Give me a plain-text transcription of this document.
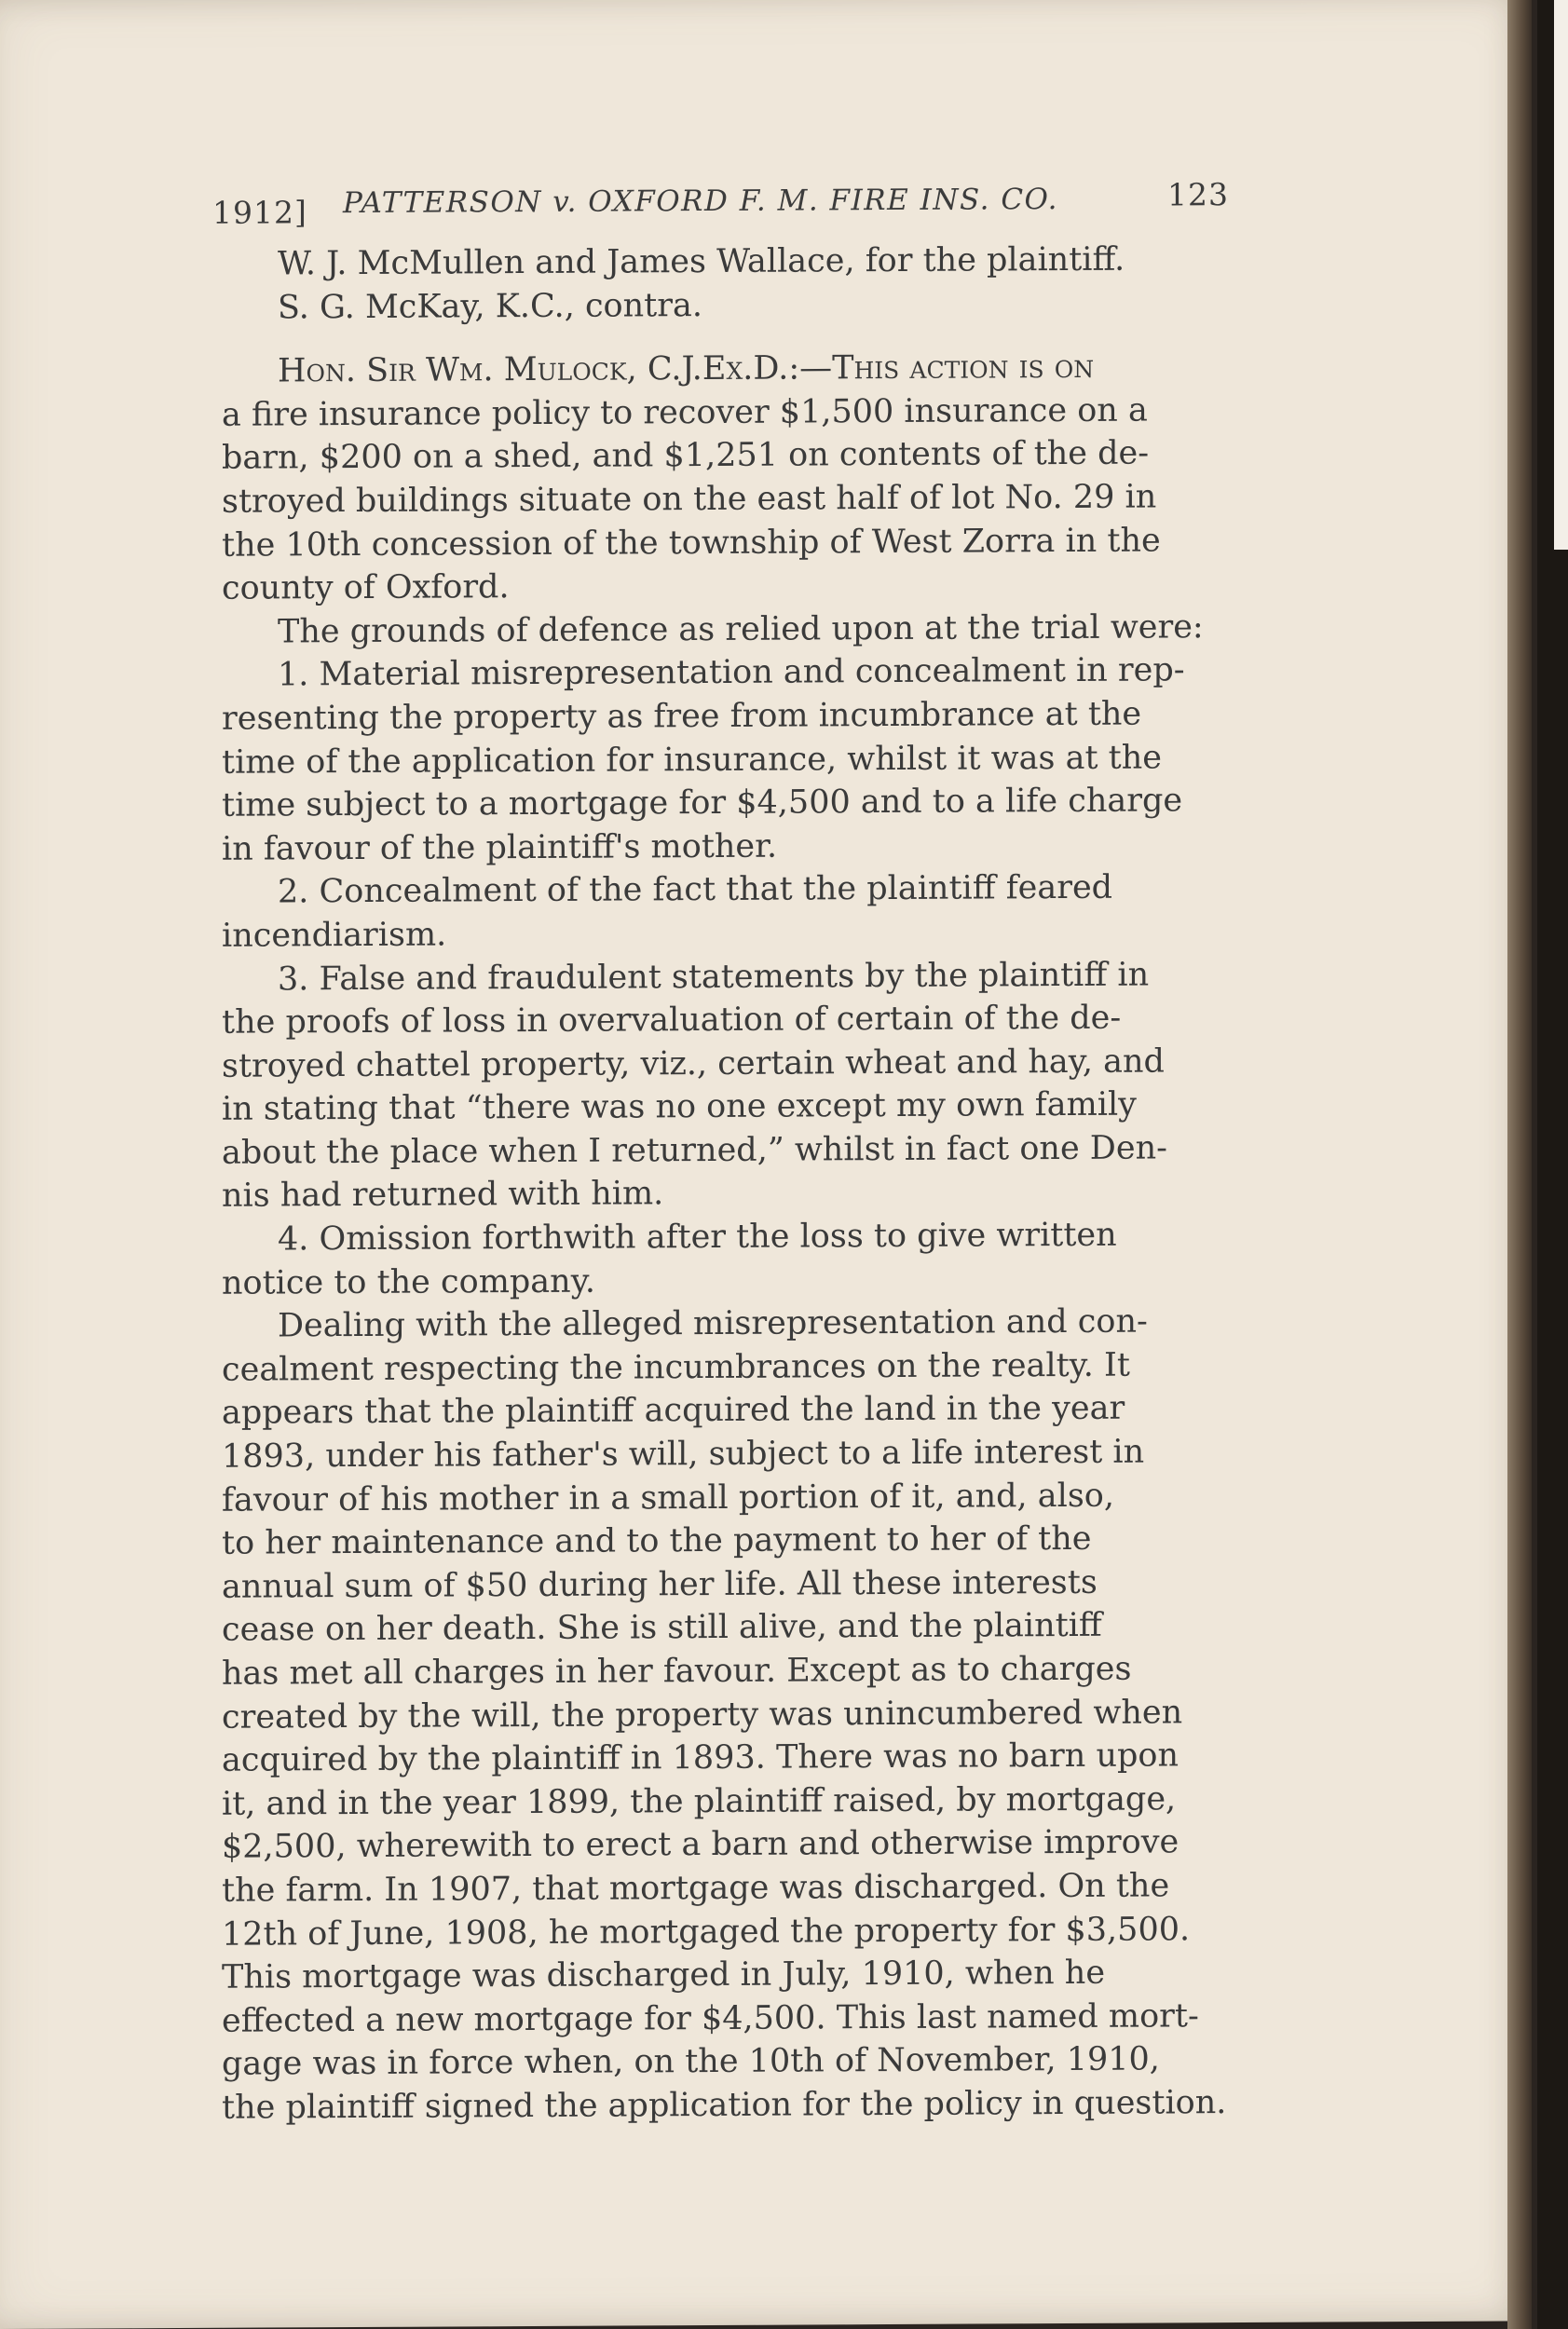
1912] PATTERSON v. OXFORD F. M. FIRE INS. CO.	123
W. J. McMullen and James Wallace, for the plaintiff.
S. G. McKay, K.C., contra.
Hon. Sir Wm. Mulock, C.J.Ex.D.:—This action is on
a fire insurance policy to recover $1,500 insurance on a
barn, $200 on a shed, and $1,251 on contents of the de-
stroyed buildings situate on the east half of lot No. 29 in
the 10th concession of the township of West Zorra in the
county of Oxford.
The grounds of defence as relied upon at the trial were:
1. Material misrepresentation and concealment in rep-
resenting the property as free from incumbrance at the
time of the application for insurance, whilst it was at the
time subject to a mortgage for $4,500 and to a life charge
in favour of the plaintiff's mother.
2. Concealment of the fact that the plaintiff feared
incendiarism.
3. False and fraudulent statements by the plaintiff in
the proofs of loss in overvaluation of certain of the de-
stroyed chattel property, viz., certain wheat and hay, and
in stating that “there was no one except my own family
about the place when I returned,” whilst in fact one Den-
nis had returned with him.
4. Omission forthwith after the loss to give written
notice to the company.
Dealing with the alleged misrepresentation and con-
cealment respecting the incumbrances on the realty. It
appears that the plaintiff acquired the land in the year
1893, under his father's will, subject to a life interest in
favour of his mother in a small portion of it, and, also,
to her maintenance and to the payment to her of the
annual sum of $50 during her life. All these interests
cease on her death. She is still alive, and the plaintiff
has met all charges in her favour. Except as to charges
created by the will, the property was unincumbered when
acquired by the plaintiff in 1893. There was no barn upon
it, and in the year 1899, the plaintiff raised, by mortgage,
$2,500, wherewith to erect a barn and otherwise improve
the farm. In 1907, that mortgage was discharged. On the
12th of June, 1908, he mortgaged the property for $3,500.
This mortgage was discharged in July, 1910, when he
effected a new mortgage for $4,500. This last named mort-
gage was in force when, on the 10th of November, 1910,
the plaintiff signed the application for the policy in question.
